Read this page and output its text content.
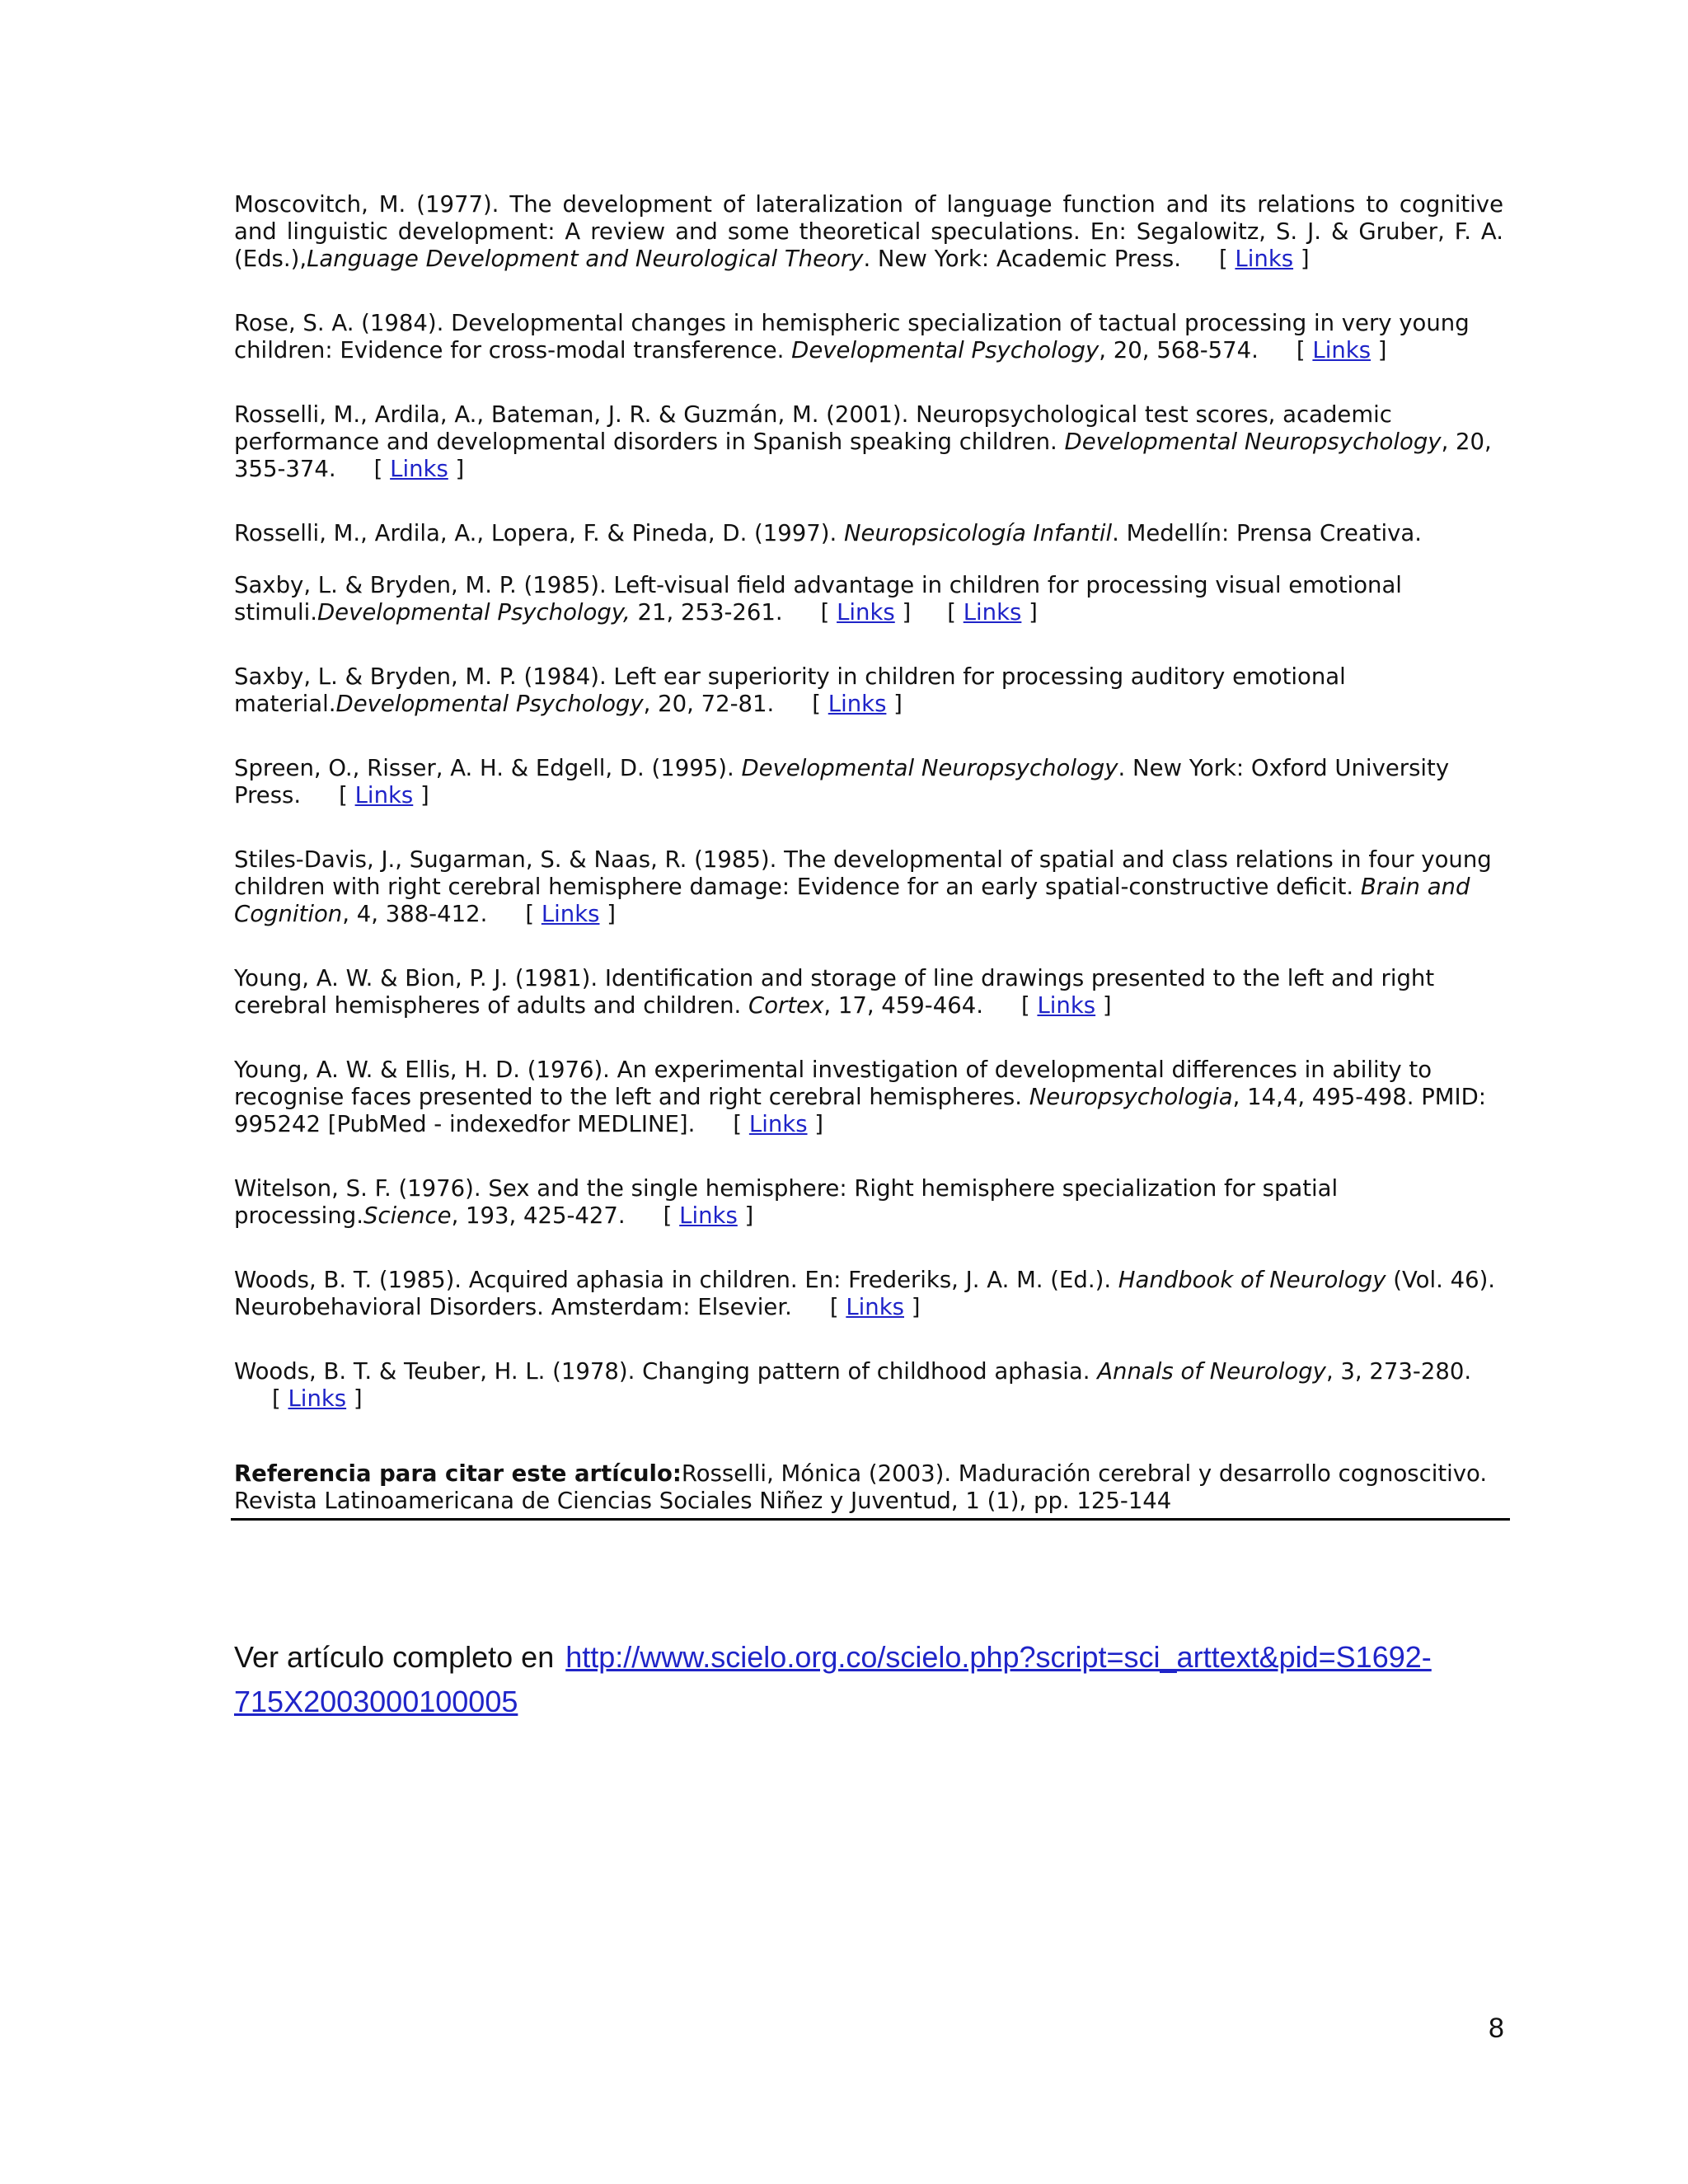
Moscovitch, M. (1977). The development of lateralization of language function and its relations to cognitive and linguistic development: A review and some theoretical speculations. En: Segalowitz, S. J. & Gruber, F. A. (Eds.),Language Development and Neurological Theory. New York: Academic Press. [ Links ]

Rose, S. A. (1984). Developmental changes in hemispheric specialization of tactual processing in very young children: Evidence for cross-modal transference. Developmental Psychology, 20, 568-574. [ Links ]

Rosselli, M., Ardila, A., Bateman, J. R. & Guzmán, M. (2001). Neuropsychological test scores, academic performance and developmental disorders in Spanish speaking children. Developmental Neuropsychology, 20, 355-374. [ Links ]

Rosselli, M., Ardila, A., Lopera, F. & Pineda, D. (1997). Neuropsicología Infantil. Medellín: Prensa Creativa.

Saxby, L. & Bryden, M. P. (1985). Left-visual field advantage in children for processing visual emotional stimuli.Developmental Psychology, 21, 253-261. [ Links ] [ Links ]

Saxby, L. & Bryden, M. P. (1984). Left ear superiority in children for processing auditory emotional material.Developmental Psychology, 20, 72-81. [ Links ]

Spreen, O., Risser, A. H. & Edgell, D. (1995). Developmental Neuropsychology. New York: Oxford University Press. [ Links ]

Stiles-Davis, J., Sugarman, S. & Naas, R. (1985). The developmental of spatial and class relations in four young children with right cerebral hemisphere damage: Evidence for an early spatial-constructive deficit. Brain and Cognition, 4, 388-412. [ Links ]

Young, A. W. & Bion, P. J. (1981). Identification and storage of line drawings presented to the left and right cerebral hemispheres of adults and children. Cortex, 17, 459-464. [ Links ]

Young, A. W. & Ellis, H. D. (1976). An experimental investigation of developmental differences in ability to recognise faces presented to the left and right cerebral hemispheres. Neuropsychologia, 14,4, 495-498. PMID: 995242 [PubMed - indexedfor MEDLINE]. [ Links ]

Witelson, S. F. (1976). Sex and the single hemisphere: Right hemisphere specialization for spatial processing.Science, 193, 425-427. [ Links ]

Woods, B. T. (1985). Acquired aphasia in children. En: Frederiks, J. A. M. (Ed.). Handbook of Neurology (Vol. 46). Neurobehavioral Disorders. Amsterdam: Elsevier. [ Links ]

Woods, B. T. & Teuber, H. L. (1978). Changing pattern of childhood aphasia. Annals of Neurology, 3, 273-280.[ Links ]

Referencia para citar este artículo:Rosselli, Mónica (2003). Maduración cerebral y desarrollo cognoscitivo. Revista Latinoamericana de Ciencias Sociales Niñez y Juventud, 1 (1), pp. 125-144
Ver artículo completo en http://www.scielo.org.co/scielo.php?script=sci_arttext&pid=S1692-715X2003000100005
8
